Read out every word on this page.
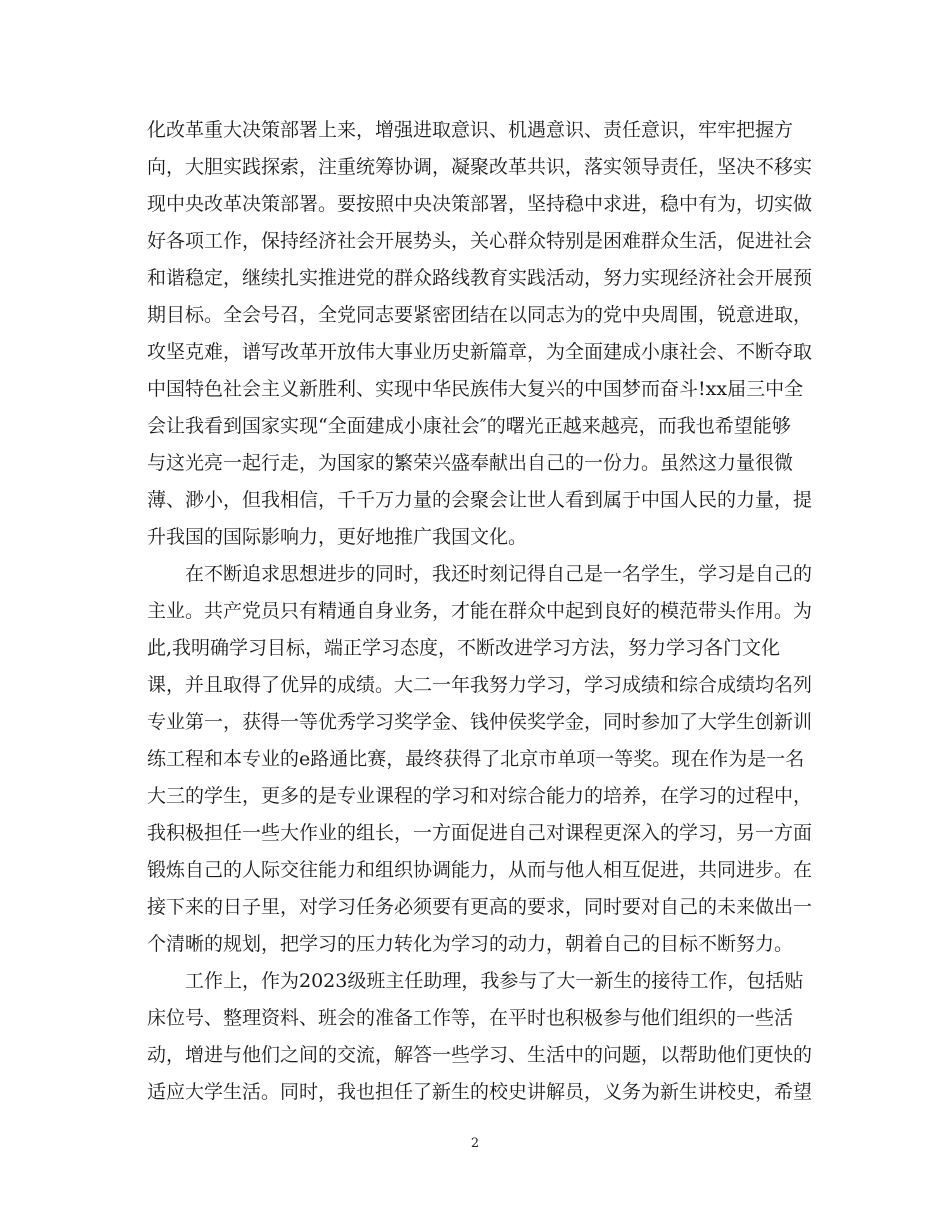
化改革重大决策部署上来，增强进取意识、机遇意识、责任意识，牢牢把握方
向，大胆实践探索，注重统筹协调，凝聚改革共识，落实领导责任，坚决不移实
现中央改革决策部署。要按照中央决策部署，坚持稳中求进，稳中有为，切实做
好各项工作，保持经济社会开展势头，关心群众特别是困难群众生活，促进社会
和谐稳定，继续扎实推进党的群众路线教育实践活动，努力实现经济社会开展预
期目标。全会号召，全党同志要紧密团结在以同志为的党中央周围，锐意进取，
攻坚克难，谱写改革开放伟大事业历史新篇章，为全面建成小康社会、不断夺取
中国特色社会主义新胜利、实现中华民族伟大复兴的中国梦而奋斗!xx届三中全
会让我看到国家实现“全面建成小康社会″的曙光正越来越亮，而我也希望能够
与这光亮一起行走，为国家的繁荣兴盛奉献出自己的一份力。虽然这力量很微
薄、渺小，但我相信，千千万力量的会聚会让世人看到属于中国人民的力量，提
升我国的国际影响力，更好地推广我国文化。
　　在不断追求思想进步的同时，我还时刻记得自己是一名学生，学习是自己的
主业。共产党员只有精通自身业务，才能在群众中起到良好的模范带头作用。为
此,我明确学习目标，端正学习态度，不断改进学习方法，努力学习各门文化
课，并且取得了优异的成绩。大二一年我努力学习，学习成绩和综合成绩均名列
专业第一，获得一等优秀学习奖学金、钱仲侯奖学金，同时参加了大学生创新训
练工程和本专业的e路通比赛，最终获得了北京市单项一等奖。现在作为是一名
大三的学生，更多的是专业课程的学习和对综合能力的培养，在学习的过程中，
我积极担任一些大作业的组长，一方面促进自己对课程更深入的学习，另一方面
锻炼自己的人际交往能力和组织协调能力，从而与他人相互促进，共同进步。在
接下来的日子里，对学习任务必须要有更高的要求，同时要对自己的未来做出一
个清晰的规划，把学习的压力转化为学习的动力，朝着自己的目标不断努力。
　　工作上，作为2023级班主任助理，我参与了大一新生的接待工作，包括贴
床位号、整理资料、班会的准备工作等，在平时也积极参与他们组织的一些活
动，增进与他们之间的交流，解答一些学习、生活中的问题，以帮助他们更快的
适应大学生活。同时，我也担任了新生的校史讲解员，义务为新生讲校史，希望
2
